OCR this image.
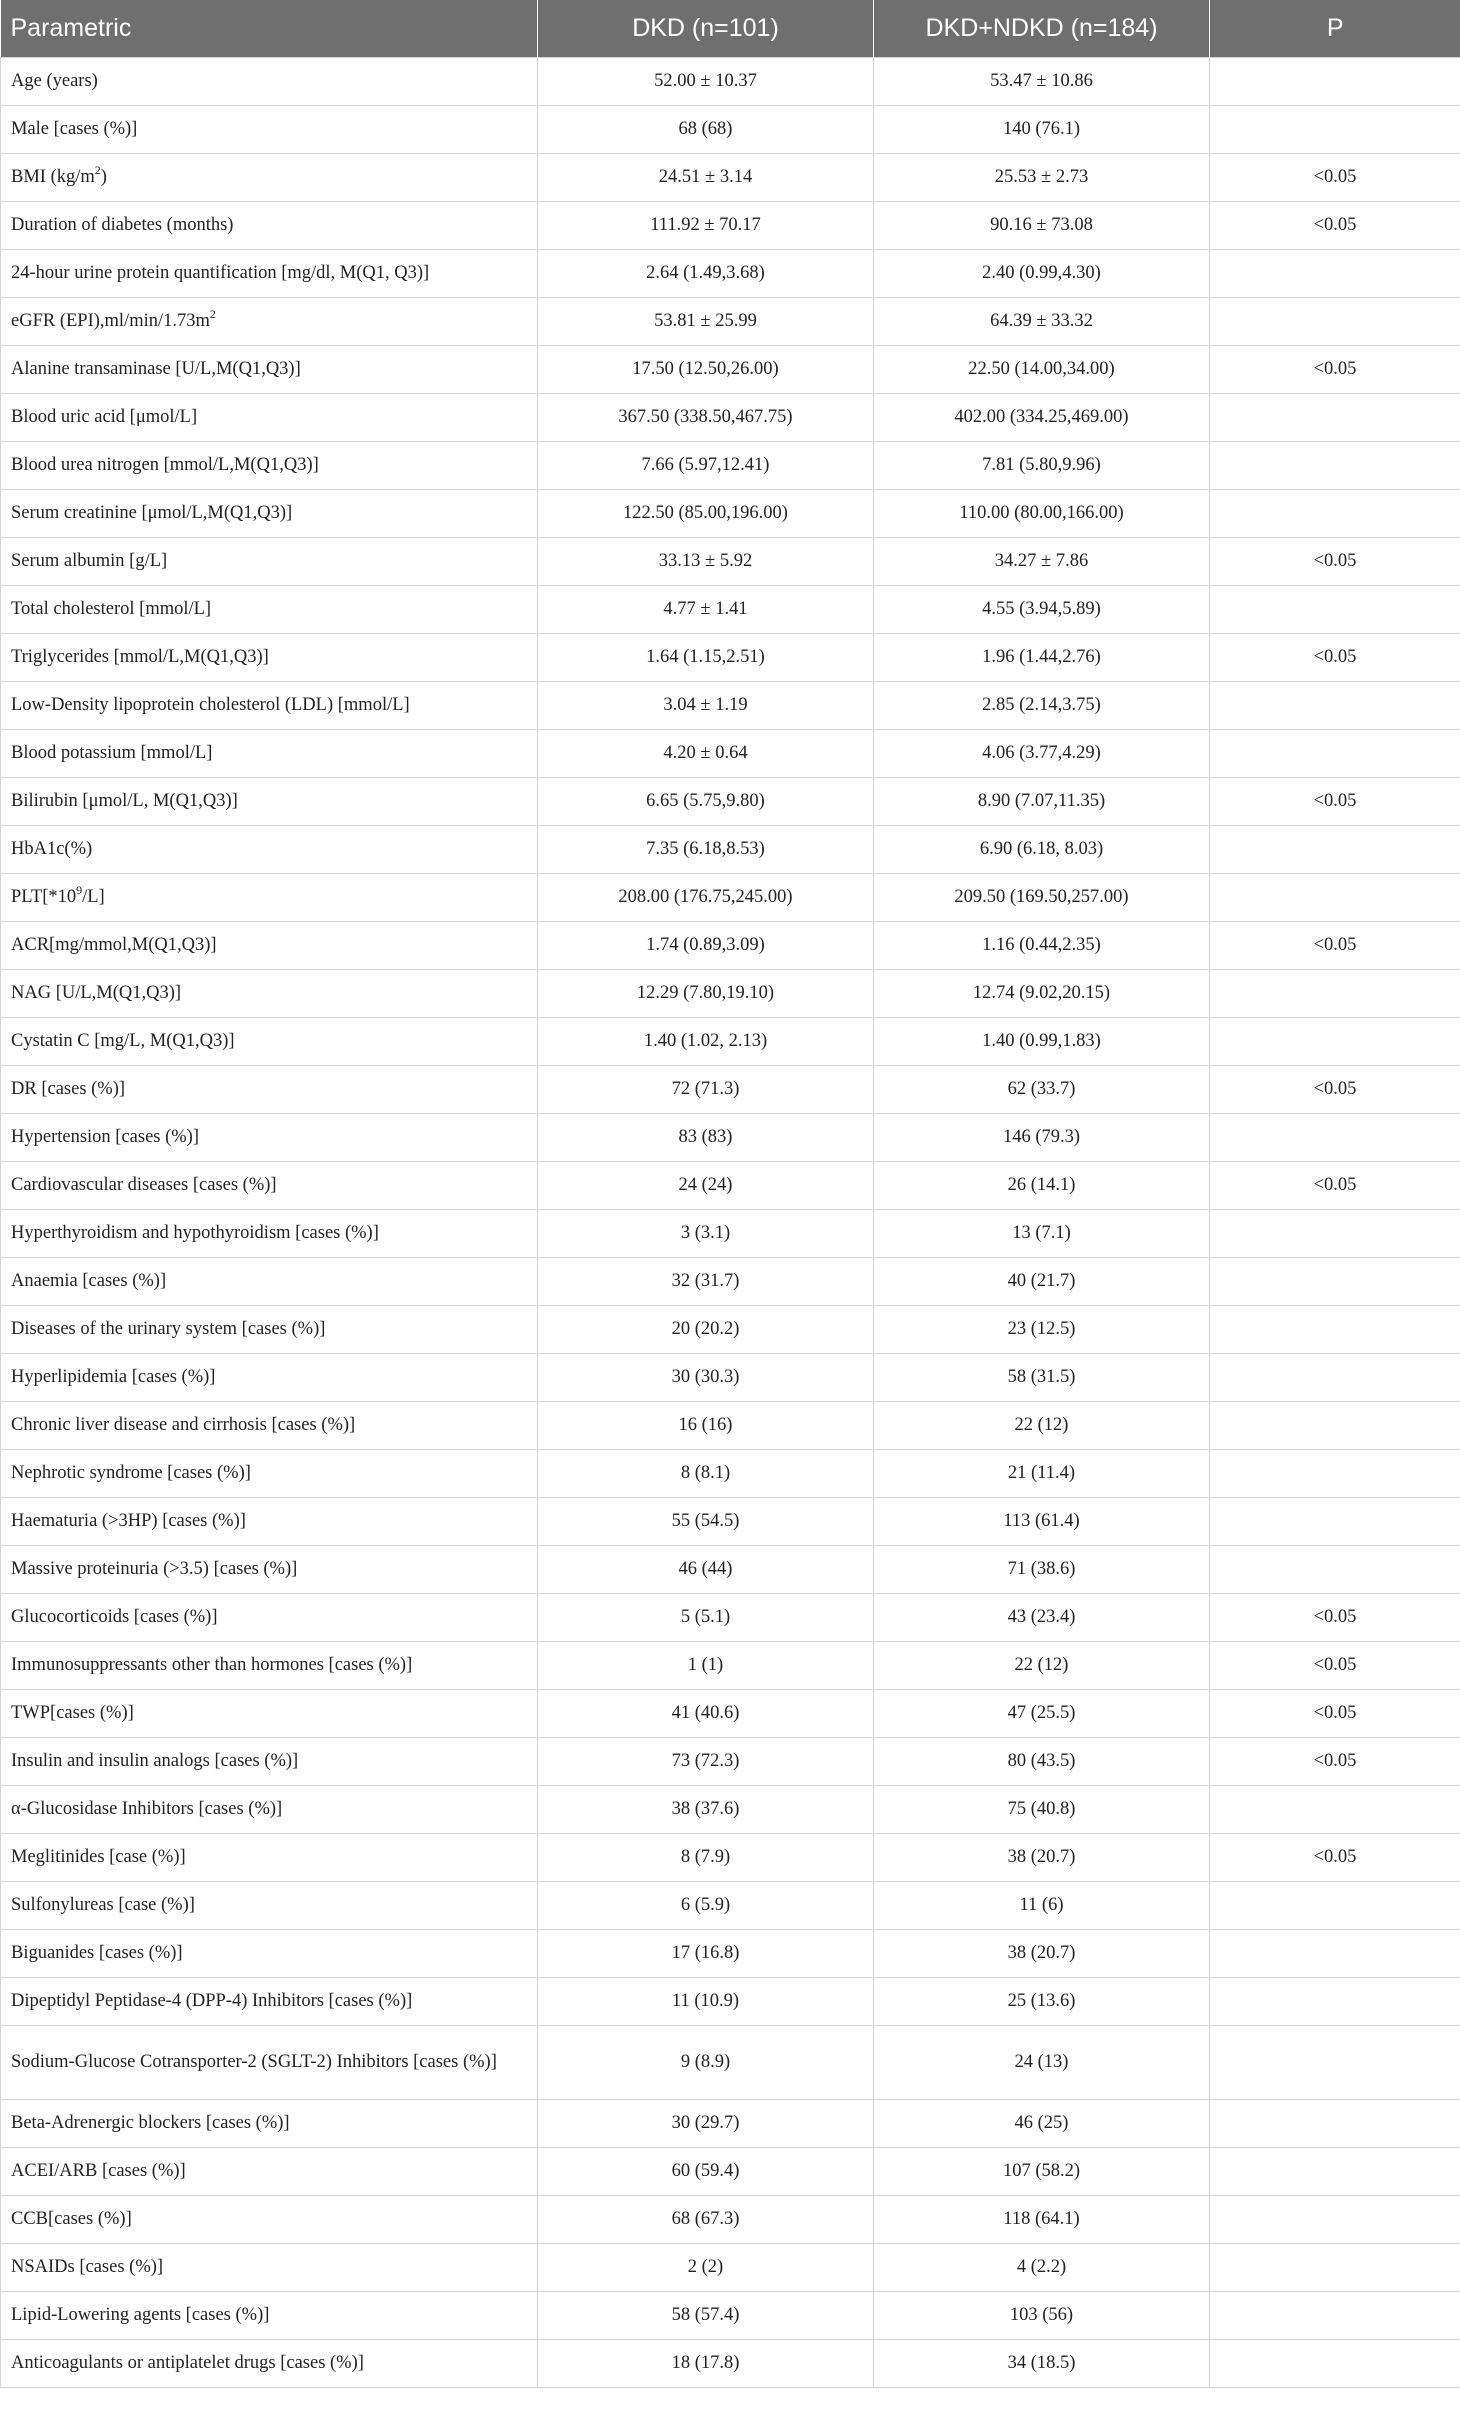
Parametric	DKD (n=101)	DKD+NDKD (n=184)	P
Age (years)	52.00 ± 10.37	53.47 ± 10.86	
Male [cases (%)]	68 (68)	140 (76.1)	
BMI $(kg/m^2)$	24.51 ± 3.14	25.53 ± 2.73	<0.05
Duration of diabetes (months)	111.92 ± 70.17	90.16 ± 73.08	<0.05
24-hour urine protein quantification [mg/dl, M(Q1, Q3)]	2.64 (1.49,3.68)	2.40 (0.99,4.30)	
eGFR $(EPI),ml/\min/1.73m^2$	53.81 ± 25.99	64.39 ± 33.32	
Alanine transaminase [U/L,M(Q1,Q3)]	17.50 (12.50,26.00)	22.50 (14.00,34.00)	<0.05
Blood uric acid [μmol/L]	367.50 (338.50,467.75)	402.00 (334.25,469.00)	
Blood urea nitrogen [mmol/L,M(Q1,Q3)]	7.66 (5.97,12.41)	7.81 (5.80,9.96)	
Serum creatinine [μmol/L,M(Q1,Q3)]	122.50 (85.00,196.00)	110.00 (80.00,166.00)	
Serum albumin [g/L]	33.13 ± 5.92	34.27 ± 7.86	<0.05
Total cholesterol [mmol/L]	4.77 ± 1.41	4.55 (3.94,5.89)	
Triglycerides [mmol/L,M(Q1,Q3)]	1.64 (1.15,2.51)	1.96 (1.44,2.76)	<0.05
Low-Density lipoprotein cholesterol (LDL) [mmol/L]	3.04 ± 1.19	2.85 (2.14,3.75)	
Blood potassium [mmol/L]	4.20 ± 0.64	4.06 (3.77,4.29)	
Bilirubin [μmol/L, M(Q1,Q3)]	6.65 (5.75,9.80)	8.90 (7.07,11.35)	<0.05
HbA1c(%)	7.35 (6.18,8.53)	6.90 (6.18, 8.03)	
$PLT[*10^9/L]$	208.00 (176.75,245.00)	209.50 (169.50,257.00)	
ACR[mg/mmol,M(Q1,Q3)]	1.74 (0.89,3.09)	1.16 (0.44,2.35)	<0.05
NAG [U/L,M(Q1,Q3)]	12.29 (7.80,19.10)	12.74 (9.02,20.15)	
Cystatin C [mg/L, M(Q1,Q3)]	1.40 (1.02, 2.13)	1.40 (0.99,1.83)	
DR [cases (%)]	72 (71.3)	62 (33.7)	<0.05
Hypertension [cases (%)]	83 (83)	146 (79.3)	
Cardiovascular diseases [cases (%)]	24 (24)	26 (14.1)	<0.05
Hyperthyroidism and hypothyroidism [cases (%)]	3 (3.1)	13 (7.1)	
Anaemia [cases (%)]	32 (31.7)	40 (21.7)	
Diseases of the urinary system [cases (%)]	20 (20.2)	23 (12.5)	
Hyperlipidemia [cases (%)]	30 (30.3)	58 (31.5)	
Chronic liver disease and cirrhosis [cases (%)]	16 (16)	22 (12)	
Nephrotic syndrome [cases (%)]	8 (8.1)	21 (11.4)	
Haematuria (>3HP) [cases (%)]	55 (54.5)	113 (61.4)	
Massive proteinuria (>3.5) [cases (%)]	46 (44)	71 (38.6)	
Glucocorticoids [cases (%)]	5 (5.1)	43 (23.4)	<0.05
Immunosuppressants other than hormones [cases (%)]	1 (1)	22 (12)	<0.05
TWP[cases (%)]	41 (40.6)	47 (25.5)	<0.05
Insulin and insulin analogs [cases (%)]	73 (72.3)	80 (43.5)	<0.05
α-Glucosidase Inhibitors [cases (%)]	38 (37.6)	75 (40.8)	
Meglitinides [case (%)]	8 (7.9)	38 (20.7)	<0.05
Sulfonylureas [case (%)]	6 (5.9)	11 (6)	
Biguanides [cases (%)]	17 (16.8)	38 (20.7)	
Dipeptidyl Peptidase-4 (DPP-4) Inhibitors [cases (%)]	11 (10.9)	25 (13.6)	
Sodium-Glucose Cotransporter-2 (SGLT-2) Inhibitors [cases (%)]	9 (8.9)	24 (13)	
Beta-Adrenergic blockers [cases (%)]	30 (29.7)	46 (25)	
ACEI/ARB [cases (%)]	60 (59.4)	107 (58.2)	
CCB[cases (%)]	68 (67.3)	118 (64.1)	
NSAIDs [cases (%)]	2 (2)	4 (2.2)	
Lipid-Lowering agents [cases (%)]	58 (57.4)	103 (56)	
Anticoagulants or antiplatelet drugs [cases (%)]	18 (17.8)	34 (18.5)	
